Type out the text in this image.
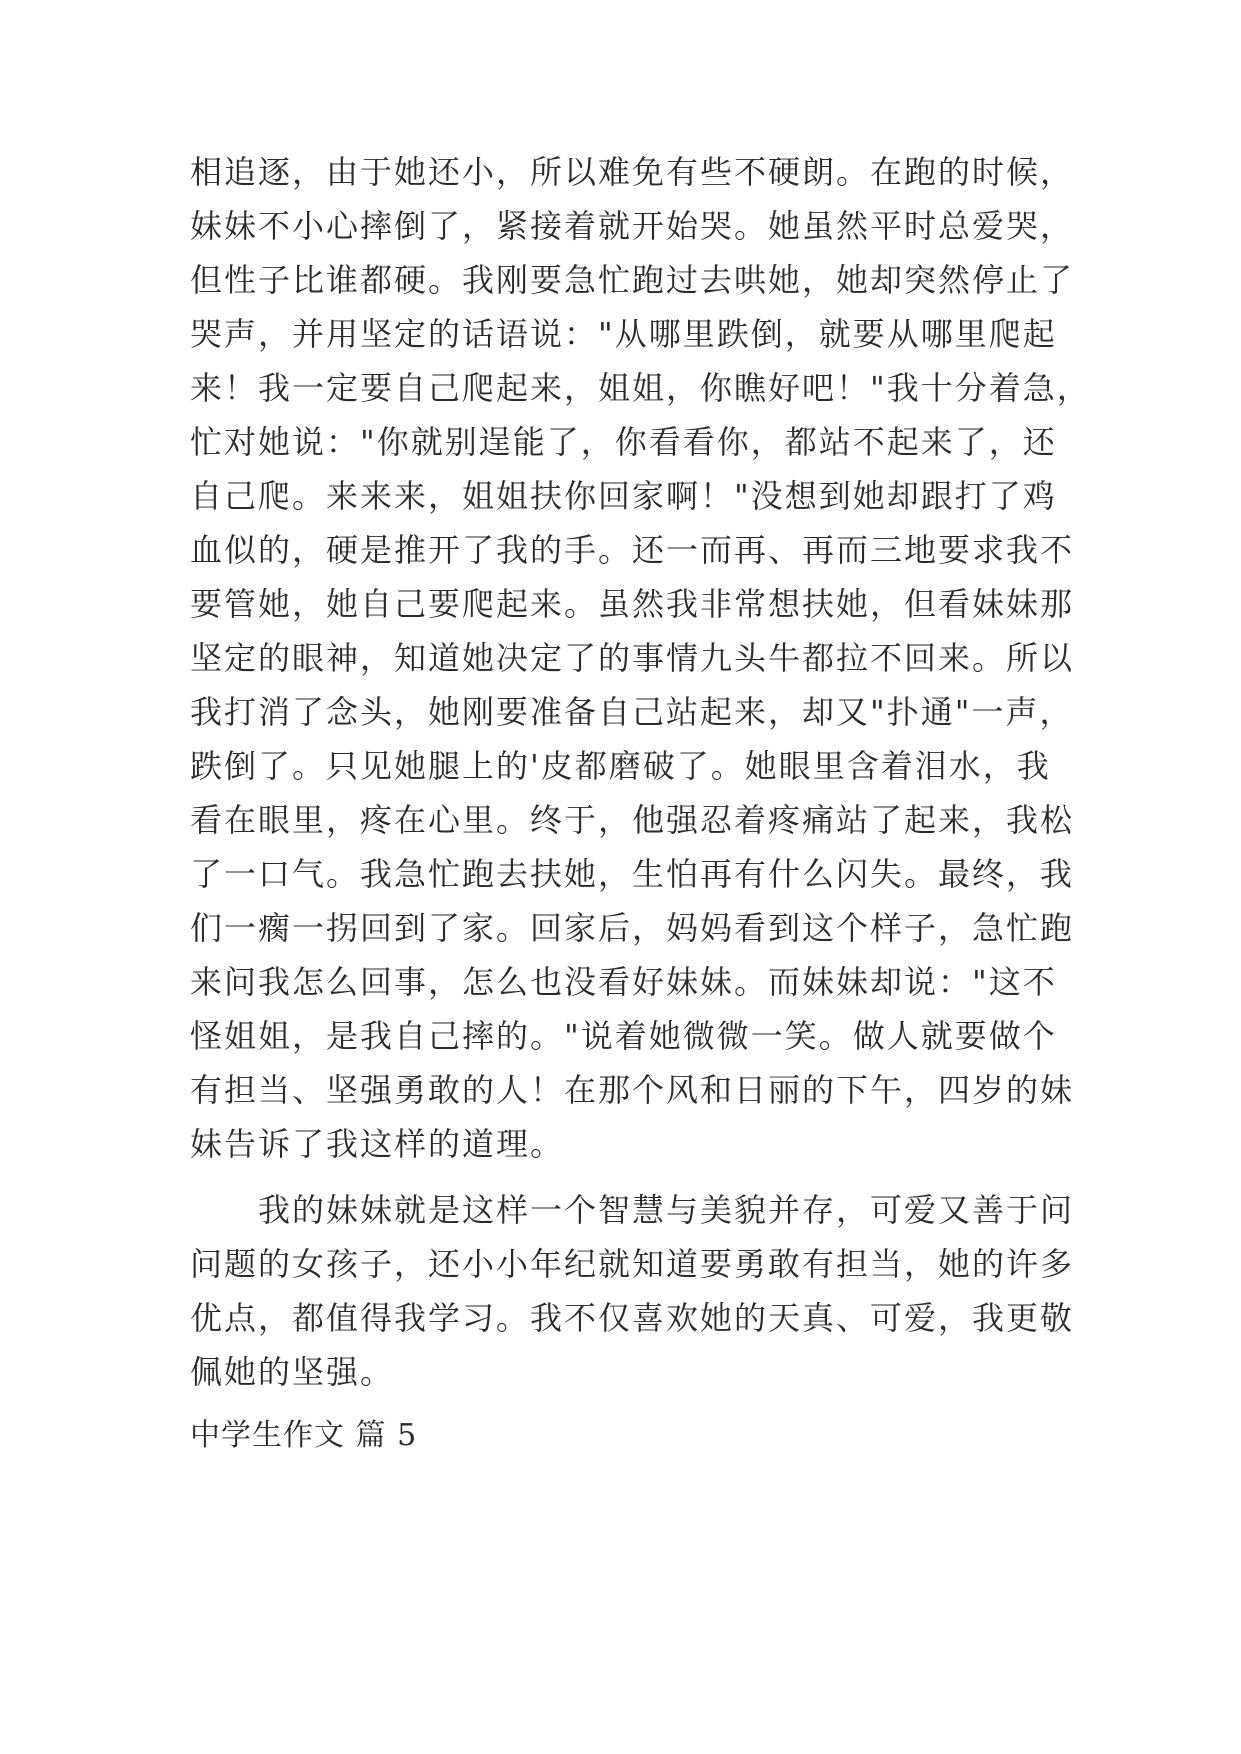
相追逐，由于她还小，所以难免有些不硬朗。在跑的时候，
妹妹不小心摔倒了，紧接着就开始哭。她虽然平时总爱哭，
但性子比谁都硬。我刚要急忙跑过去哄她，她却突然停止了
哭声，并用坚定的话语说："从哪里跌倒，就要从哪里爬起
来！我一定要自己爬起来，姐姐，你瞧好吧！"我十分着急，
忙对她说："你就别逞能了，你看看你，都站不起来了，还
自己爬。来来来，姐姐扶你回家啊！"没想到她却跟打了鸡
血似的，硬是推开了我的手。还一而再、再而三地要求我不
要管她，她自己要爬起来。虽然我非常想扶她，但看妹妹那
坚定的眼神，知道她决定了的事情九头牛都拉不回来。所以
我打消了念头，她刚要准备自己站起来，却又"扑通"一声，
跌倒了。只见她腿上的'皮都磨破了。她眼里含着泪水，我
看在眼里，疼在心里。终于，他强忍着疼痛站了起来，我松
了一口气。我急忙跑去扶她，生怕再有什么闪失。最终，我
们一瘸一拐回到了家。回家后，妈妈看到这个样子，急忙跑
来问我怎么回事，怎么也没看好妹妹。而妹妹却说："这不
怪姐姐，是我自己摔的。"说着她微微一笑。做人就要做个
有担当、坚强勇敢的人！在那个风和日丽的下午，四岁的妹
妹告诉了我这样的道理。
　　我的妹妹就是这样一个智慧与美貌并存，可爱又善于问
问题的女孩子，还小小年纪就知道要勇敢有担当，她的许多
优点，都值得我学习。我不仅喜欢她的天真、可爱，我更敬
佩她的坚强。
中学生作文 篇 5
